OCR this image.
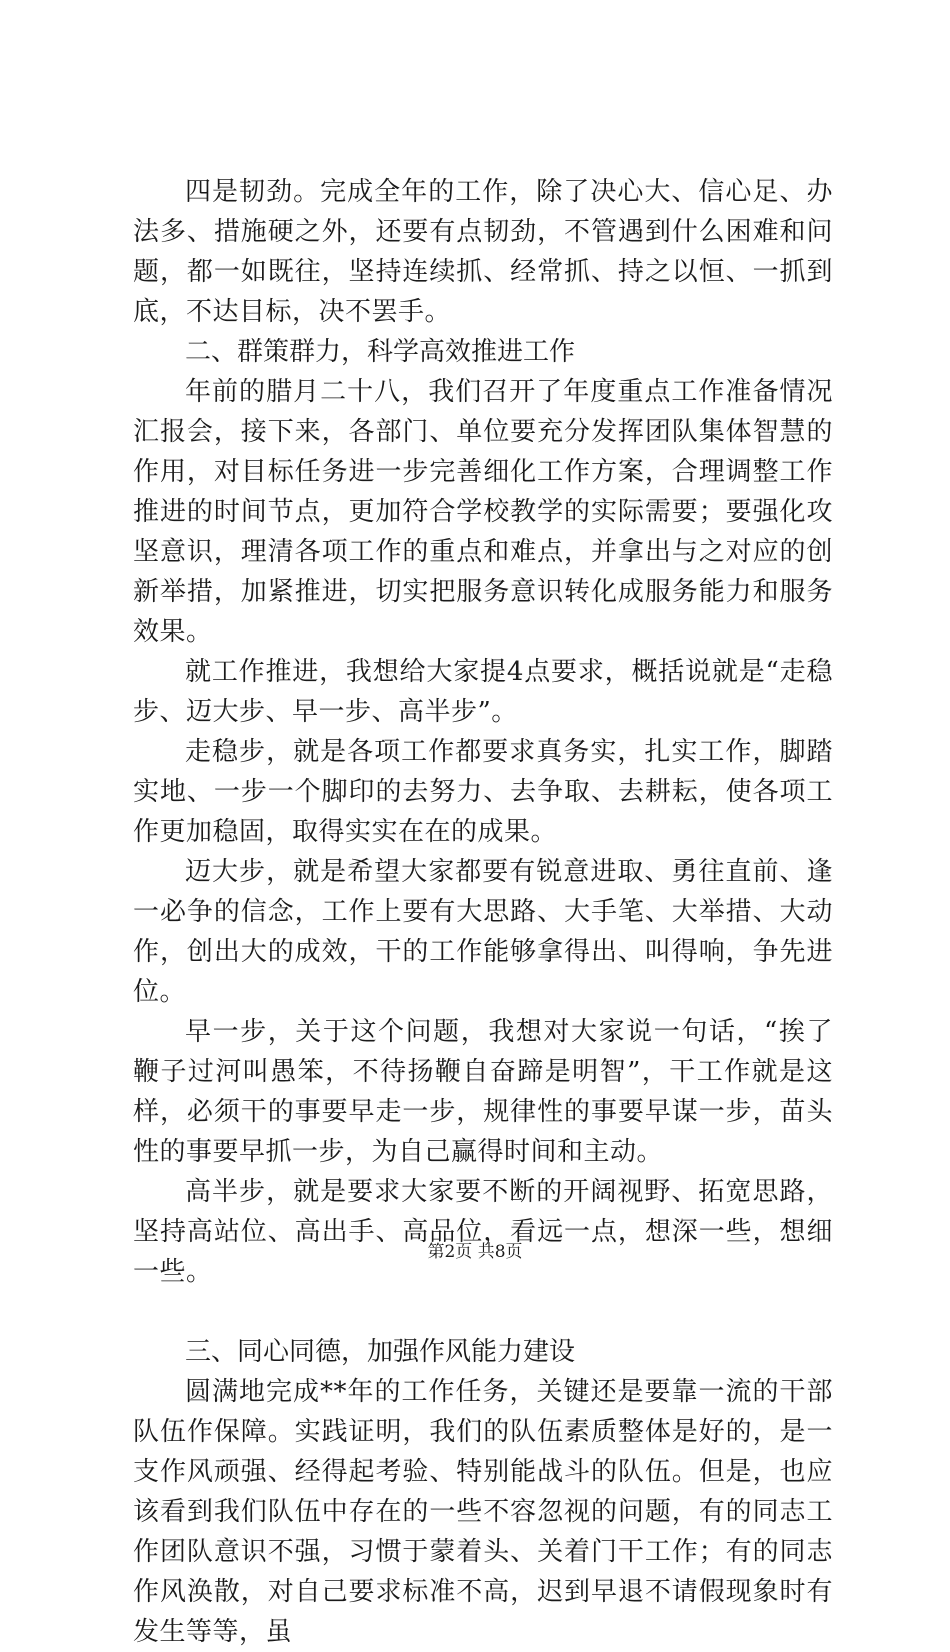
四是韧劲。完成全年的工作，除了决心大、信心足、办法多、措施硬之外，还要有点韧劲，不管遇到什么困难和问题，都一如既往，坚持连续抓、经常抓、持之以恒、一抓到底，不达目标，决不罢手。

二、群策群力，科学高效推进工作

年前的腊月二十八，我们召开了年度重点工作准备情况汇报会，接下来，各部门、单位要充分发挥团队集体智慧的作用，对目标任务进一步完善细化工作方案，合理调整工作推进的时间节点，更加符合学校教学的实际需要；要强化攻坚意识，理清各项工作的重点和难点，并拿出与之对应的创新举措，加紧推进，切实把服务意识转化成服务能力和服务效果。

就工作推进，我想给大家提4点要求，概括说就是“走稳步、迈大步、早一步、高半步”。

走稳步，就是各项工作都要求真务实，扎实工作，脚踏实地、一步一个脚印的去努力、去争取、去耕耘，使各项工作更加稳固，取得实实在在的成果。

迈大步，就是希望大家都要有锐意进取、勇往直前、逢一必争的信念，工作上要有大思路、大手笔、大举措、大动作，创出大的成效，干的工作能够拿得出、叫得响，争先进位。

早一步，关于这个问题，我想对大家说一句话，“挨了鞭子过河叫愚笨，不待扬鞭自奋蹄是明智”，干工作就是这样，必须干的事要早走一步，规律性的事要早谋一步，苗头性的事要早抓一步，为自己赢得时间和主动。

高半步，就是要求大家要不断的开阔视野、拓宽思路，坚持高站位、高出手、高品位，看远一点，想深一些，想细一些。

三、同心同德，加强作风能力建设

圆满地完成**年的工作任务，关键还是要靠一流的干部队伍作保障。实践证明，我们的队伍素质整体是好的，是一支作风顽强、经得起考验、特别能战斗的队伍。但是，也应该看到我们队伍中存在的一些不容忽视的问题，有的同志工作团队意识不强，习惯于蒙着头、关着门干工作；有的同志作风涣散，对自己要求标准不高，迟到早退不请假现象时有发生等等，虽

第2页 共8页
